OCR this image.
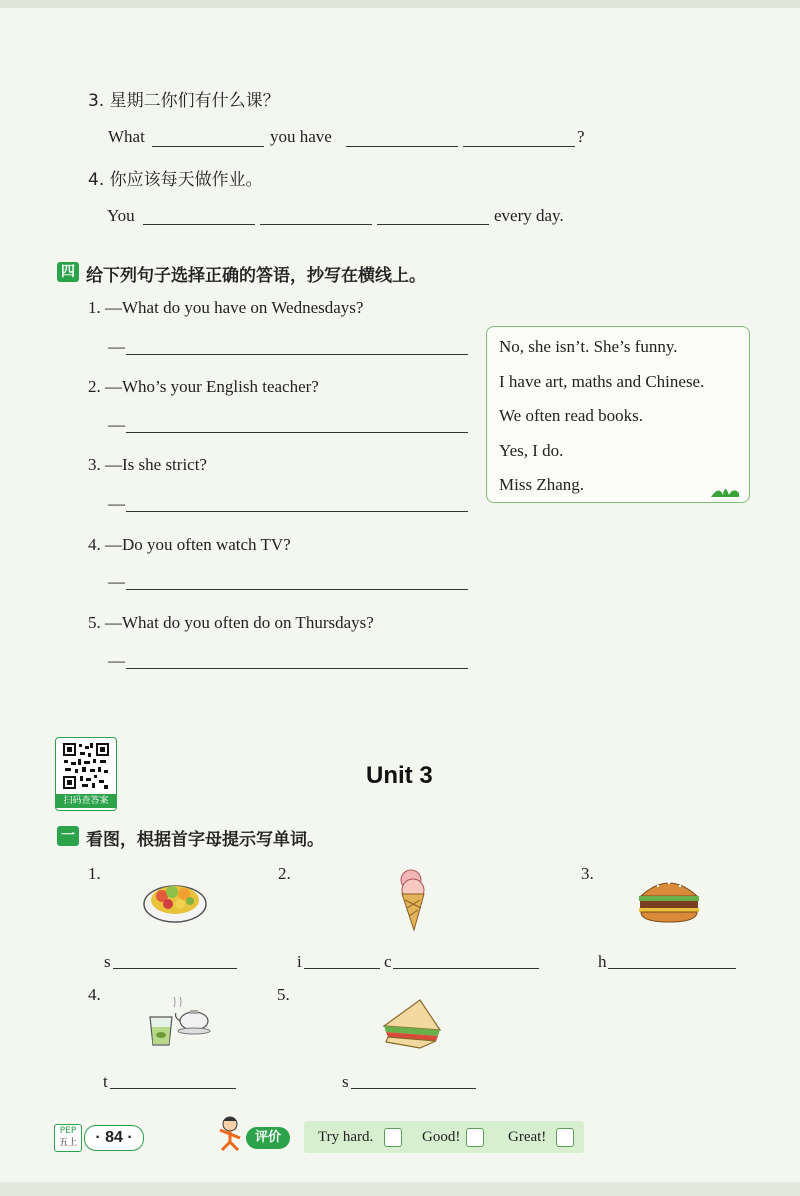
3. 星期二你们有什么课？
What	you have	?
4. 你应该每天做作业。
You	every day.
四 给下列句子选择正确的答语，抄写在横线上。
1. —What do you have on Wednesdays?
—
2. —Who’s your English teacher?
—
3. —Is she strict?
—
4. —Do you often watch TV?
—
5. —What do you often do on Thursdays?
—
No, she isn’t. She’s funny.
I have art, maths and Chinese.
We often read books.
Yes, I do.
Miss Zhang.
扫码查答案
Unit 3
一 看图，根据首字母提示写单词。
1.
s
2.
i	c
3.
h
4.
t
5.
s
PEP
五上	· 84 ·	评价	Try hard.	Good!	Great!
